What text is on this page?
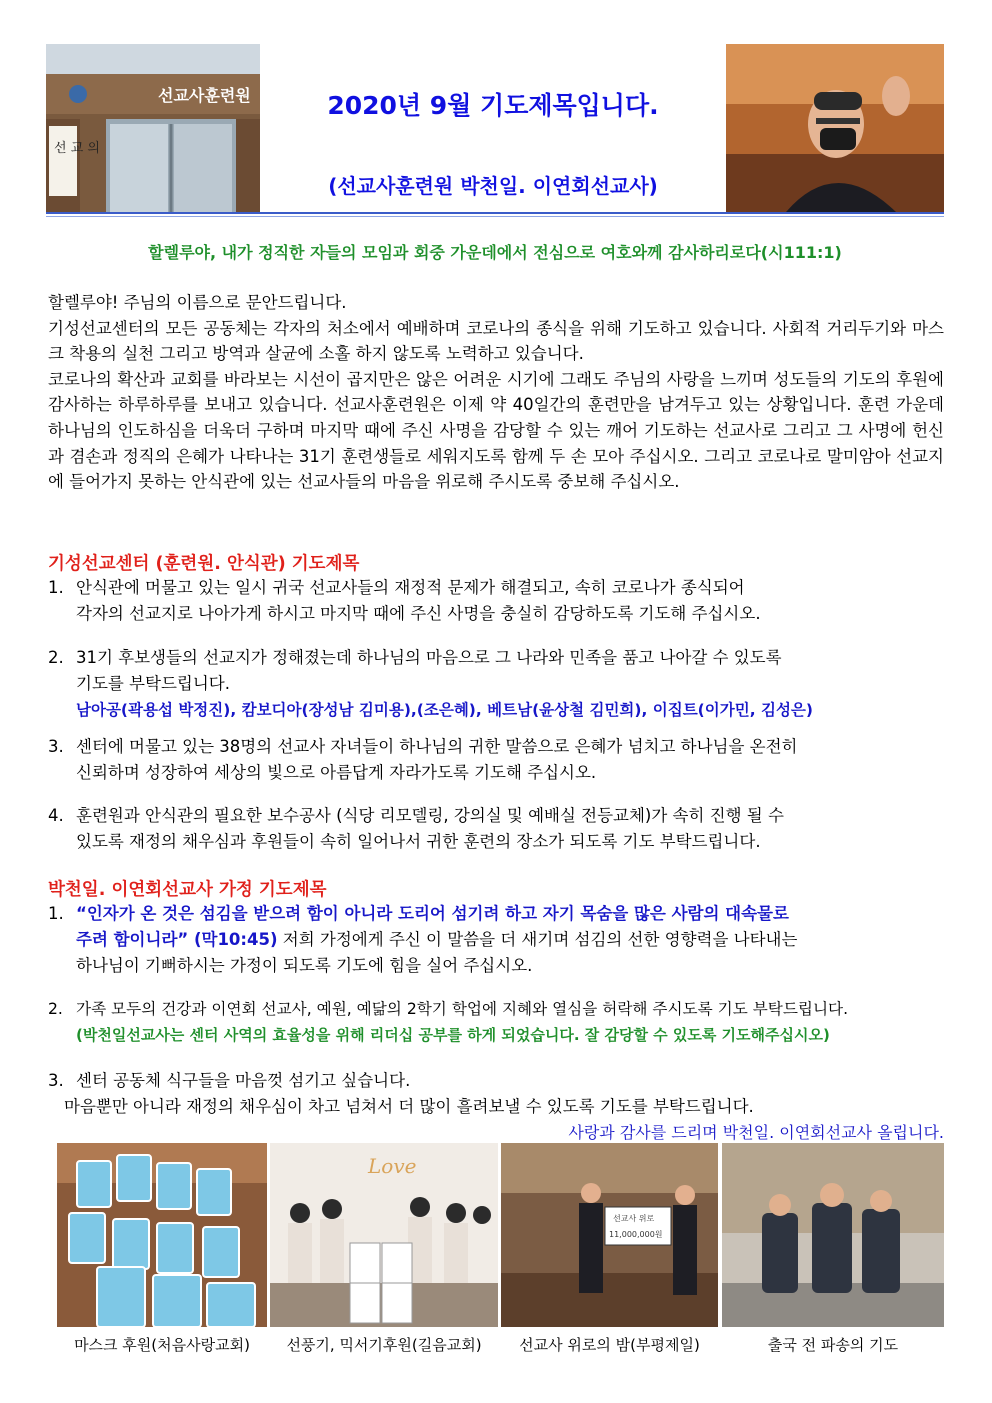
선교사훈련원
선 교 의
2020년 9월 기도제목입니다.
(선교사훈련원 박천일. 이연회선교사)
할렐루야, 내가 정직한 자들의 모임과 회중 가운데에서 전심으로 여호와께 감사하리로다(시111:1)

할렐루야! 주님의 이름으로 문안드립니다.

기성선교센터의 모든 공동체는 각자의 처소에서 예배하며 코로나의 종식을 위해 기도하고 있습니다. 사회적 거리두기와 마스크 착용의 실천 그리고 방역과 살균에 소홀 하지 않도록 노력하고 있습니다.

코로나의 확산과 교회를 바라보는 시선이 곱지만은 않은 어려운 시기에 그래도 주님의 사랑을 느끼며 성도들의 기도의 후원에 감사하는 하루하루를 보내고 있습니다. 선교사훈련원은 이제 약 40일간의 훈련만을 남겨두고 있는 상황입니다. 훈련 가운데 하나님의 인도하심을 더욱더 구하며 마지막 때에 주신 사명을 감당할 수 있는 깨어 기도하는 선교사로 그리고 그 사명에 헌신과 겸손과 정직의 은혜가 나타나는 31기 훈련생들로 세워지도록 함께 두 손 모아 주십시오. 그리고 코로나로 말미암아 선교지에 들어가지 못하는 안식관에 있는 선교사들의 마음을 위로해 주시도록 중보해 주십시오.

기성선교센터 (훈련원. 안식관) 기도제목
1. 안식관에 머물고 있는 일시 귀국 선교사들의 재정적 문제가 해결되고, 속히 코로나가 종식되어
각자의 선교지로 나아가게 하시고 마지막 때에 주신 사명을 충실히 감당하도록 기도해 주십시오.
2. 31기 후보생들의 선교지가 정해졌는데 하나님의 마음으로 그 나라와 민족을 품고 나아갈 수 있도록
기도를 부탁드립니다.
남아공(곽용섭 박정진), 캄보디아(장성남 김미용),(조은혜), 베트남(윤상철 김민희), 이집트(이가민, 김성은)
3. 센터에 머물고 있는 38명의 선교사 자녀들이 하나님의 귀한 말씀으로 은혜가 넘치고 하나님을 온전히
신뢰하며 성장하여 세상의 빛으로 아름답게 자라가도록 기도해 주십시오.
4. 훈련원과 안식관의 필요한 보수공사 (식당 리모델링, 강의실 및 예배실 전등교체)가 속히 진행 될 수
있도록 재정의 채우심과 후원들이 속히 일어나서 귀한 훈련의 장소가 되도록 기도 부탁드립니다.
박천일. 이연회선교사 가정 기도제목
1. “인자가 온 것은 섬김을 받으려 함이 아니라 도리어 섬기려 하고 자기 목숨을 많은 사람의 대속물로
주려 함이니라” (막10:45) 저희 가정에게 주신 이 말씀을 더 새기며 섬김의 선한 영향력을 나타내는
하나님이 기뻐하시는 가정이 되도록 기도에 힘을 실어 주십시오.
2. 가족 모두의 건강과 이연회 선교사, 예원, 예닮의 2학기 학업에 지혜와 열심을 허락해 주시도록 기도 부탁드립니다.
(박천일선교사는 센터 사역의 효율성을 위해 리더십 공부를 하게 되었습니다. 잘 감당할 수 있도록 기도해주십시오)
3. 센터 공동체 식구들을 마음껏 섬기고 싶습니다.
마음뿐만 아니라 재정의 채우심이 차고 넘쳐서 더 많이 흘려보낼 수 있도록 기도를 부탁드립니다.
사랑과 감사를 드리며 박천일. 이연회선교사 올립니다.
Love
선교사 위로
11,000,000원
마스크 후원(처음사랑교회)	선풍기, 믹서기후원(길음교회)	선교사 위로의 밤(부평제일)	출국 전 파송의 기도
